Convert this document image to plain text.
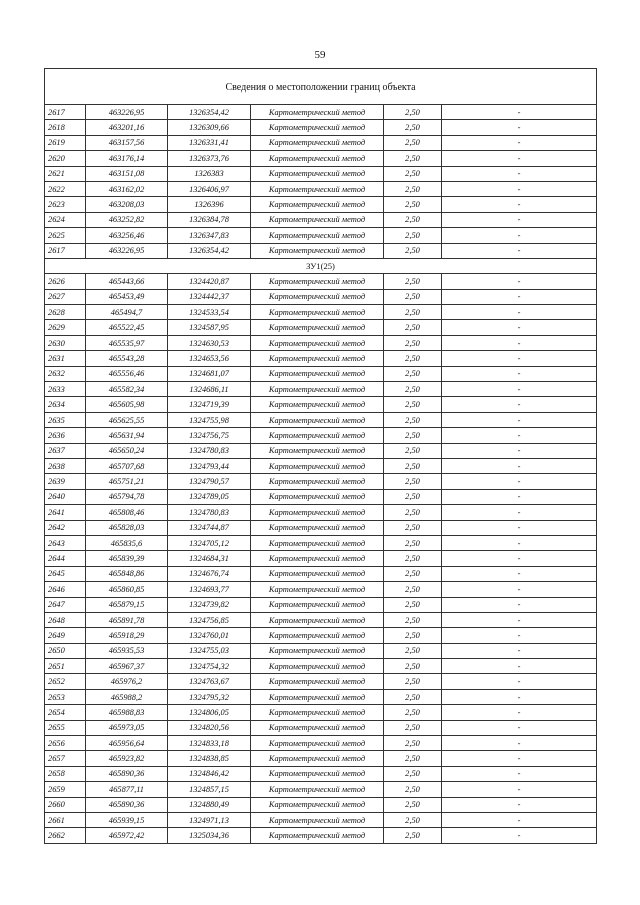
59
Сведения о местоположении границ объекта					
2617	463226,95	1326354,42	Картометрический метод	2,50	-
2618	463201,16	1326309,66	Картометрический метод	2,50	-
2619	463157,56	1326331,41	Картометрический метод	2,50	-
2620	463176,14	1326373,76	Картометрический метод	2,50	-
2621	463151,08	1326383	Картометрический метод	2,50	-
2622	463162,02	1326406,97	Картометрический метод	2,50	-
2623	463208,03	1326396	Картометрический метод	2,50	-
2624	463252,82	1326384,78	Картометрический метод	2,50	-
2625	463256,46	1326347,83	Картометрический метод	2,50	-
2617	463226,95	1326354,42	Картометрический метод	2,50	-
ЗУ1(25)					
2626	465443,66	1324420,87	Картометрический метод	2,50	-
2627	465453,49	1324442,37	Картометрический метод	2,50	-
2628	465494,7	1324533,54	Картометрический метод	2,50	-
2629	465522,45	1324587,95	Картометрический метод	2,50	-
2630	465535,97	1324630,53	Картометрический метод	2,50	-
2631	465543,28	1324653,56	Картометрический метод	2,50	-
2632	465556,46	1324681,07	Картометрический метод	2,50	-
2633	465582,34	1324686,11	Картометрический метод	2,50	-
2634	465605,98	1324719,39	Картометрический метод	2,50	-
2635	465625,55	1324755,98	Картометрический метод	2,50	-
2636	465631,94	1324756,75	Картометрический метод	2,50	-
2637	465650,24	1324780,83	Картометрический метод	2,50	-
2638	465707,68	1324793,44	Картометрический метод	2,50	-
2639	465751,21	1324790,57	Картометрический метод	2,50	-
2640	465794,78	1324789,05	Картометрический метод	2,50	-
2641	465808,46	1324780,83	Картометрический метод	2,50	-
2642	465828,03	1324744,87	Картометрический метод	2,50	-
2643	465835,6	1324705,12	Картометрический метод	2,50	-
2644	465839,39	1324684,31	Картометрический метод	2,50	-
2645	465848,86	1324676,74	Картометрический метод	2,50	-
2646	465860,85	1324693,77	Картометрический метод	2,50	-
2647	465879,15	1324739,82	Картометрический метод	2,50	-
2648	465891,78	1324756,85	Картометрический метод	2,50	-
2649	465918,29	1324760,01	Картометрический метод	2,50	-
2650	465935,53	1324755,03	Картометрический метод	2,50	-
2651	465967,37	1324754,32	Картометрический метод	2,50	-
2652	465976,2	1324763,67	Картометрический метод	2,50	-
2653	465988,2	1324795,32	Картометрический метод	2,50	-
2654	465988,83	1324806,05	Картометрический метод	2,50	-
2655	465973,05	1324820,56	Картометрический метод	2,50	-
2656	465956,64	1324833,18	Картометрический метод	2,50	-
2657	465923,82	1324838,85	Картометрический метод	2,50	-
2658	465890,36	1324846,42	Картометрический метод	2,50	-
2659	465877,11	1324857,15	Картометрический метод	2,50	-
2660	465890,36	1324880,49	Картометрический метод	2,50	-
2661	465939,15	1324971,13	Картометрический метод	2,50	-
2662	465972,42	1325034,36	Картометрический метод	2,50	-
